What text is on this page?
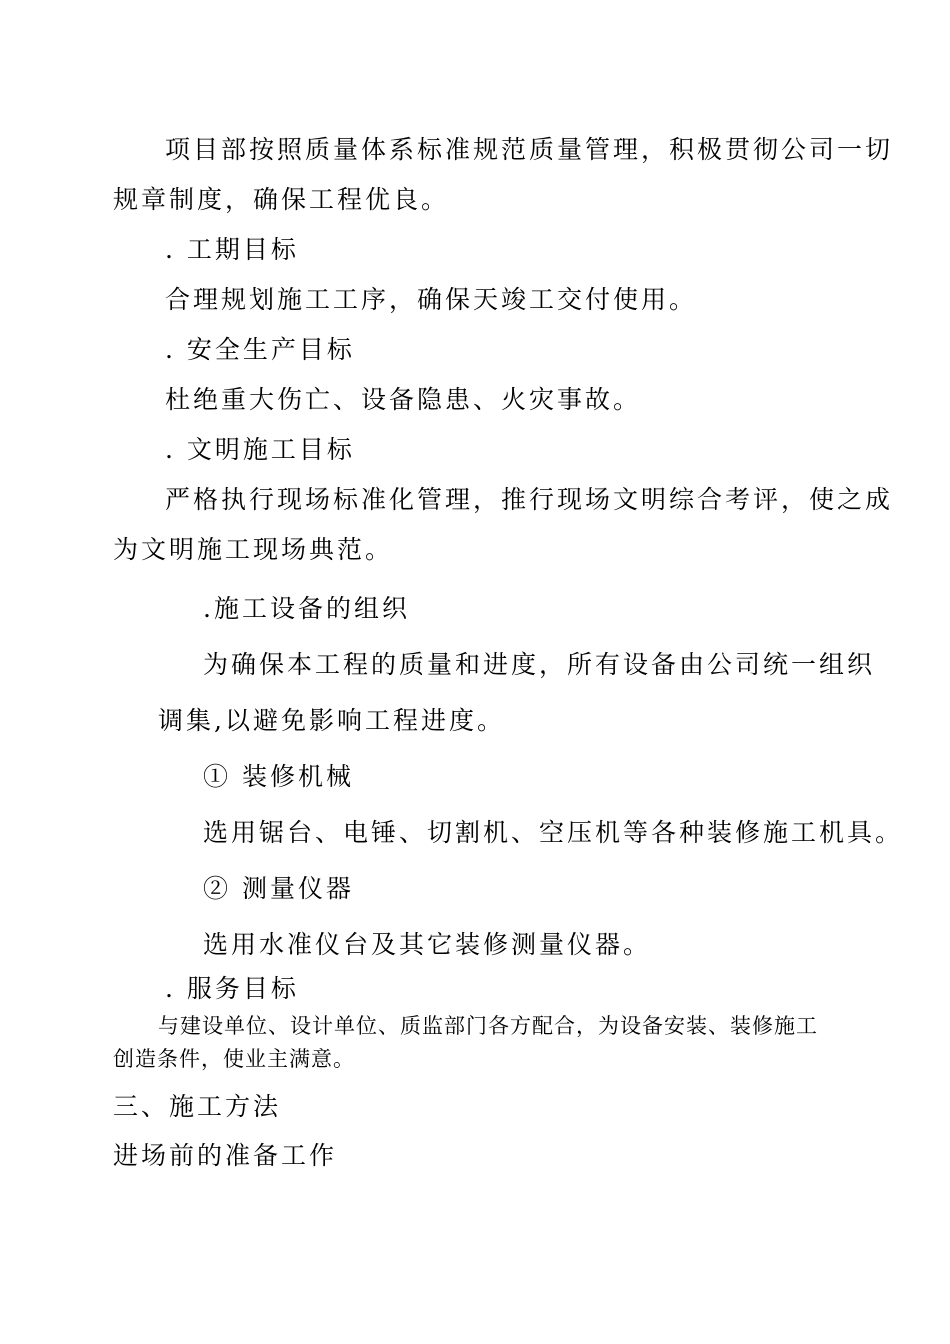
项目部按照质量体系标准规范质量管理，积极贯彻公司一切
规章制度，确保工程优良。
. 工期目标
合理规划施工工序，确保天竣工交付使用。
. 安全生产目标
杜绝重大伤亡、设备隐患、火灾事故。
. 文明施工目标
严格执行现场标准化管理，推行现场文明综合考评，使之成
为文明施工现场典范。
.施工设备的组织
为确保本工程的质量和进度，所有设备由公司统一组织
调集,以避免影响工程进度。
① 装修机械
选用锯台、电锤、切割机、空压机等各种装修施工机具。
② 测量仪器
选用水准仪台及其它装修测量仪器。
. 服务目标
与建设单位、设计单位、质监部门各方配合，为设备安装、装修施工
创造条件，使业主满意。
三、施工方法
进场前的准备工作
